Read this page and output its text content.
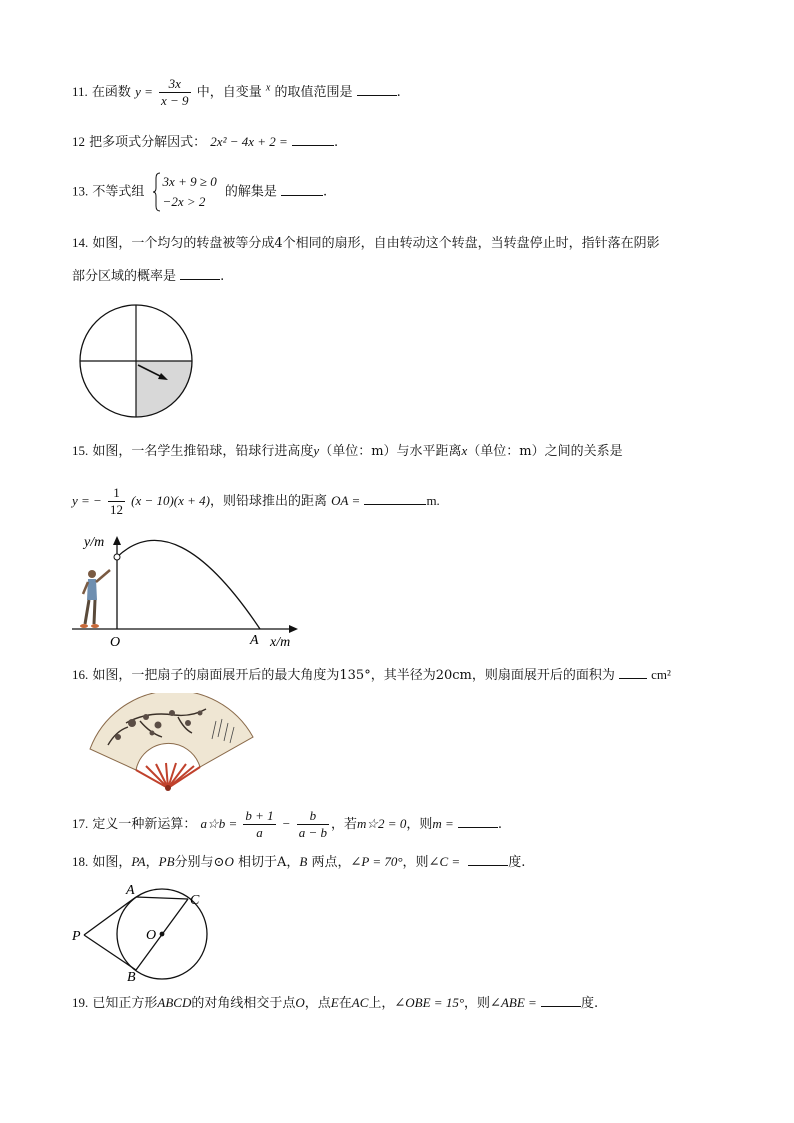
11. 在函数 $y = \frac{3x}{x - 9}$ 中，自变量 $^x$ 的取值范围是	.
12 把多项式分解因式： 2x² − 4x + 2 =	.
13. 不等式组
3x + 9 ≥ 0
−2x > 2
的解集是	.
14. 如图，一个均匀的转盘被等分成4个相同的扇形，自由转动这个转盘，当转盘停止时，指针落在阴影
部分区域的概率是	.
15. 如图，一名学生推铅球，铅球行进高度y（单位：m）与水平距离x（单位：m）之间的关系是
y = − $\frac{1}{12} (x - 10)(x + 4)$，则铅球推出的距离 OA =	m.
y/m
x/m
O	A
16. 如图，一把扇子的扇面展开后的最大角度为135°，其半径为20cm，则扇面展开后的面积为	cm²
17. 定义一种新运算： a☆b = $\frac{b + 1}{a} - \frac{b}{a - b}$ ，若m☆2 = 0，则m =	.
18. 如图，PA，PB分别与⊙O 相切于A，B 两点，∠P = 70°，则∠C =	度.
A
C
P	O
B
19. 已知正方形ABCD的对角线相交于点O，点E在AC上，∠OBE = 15°，则∠ABE =	度.
